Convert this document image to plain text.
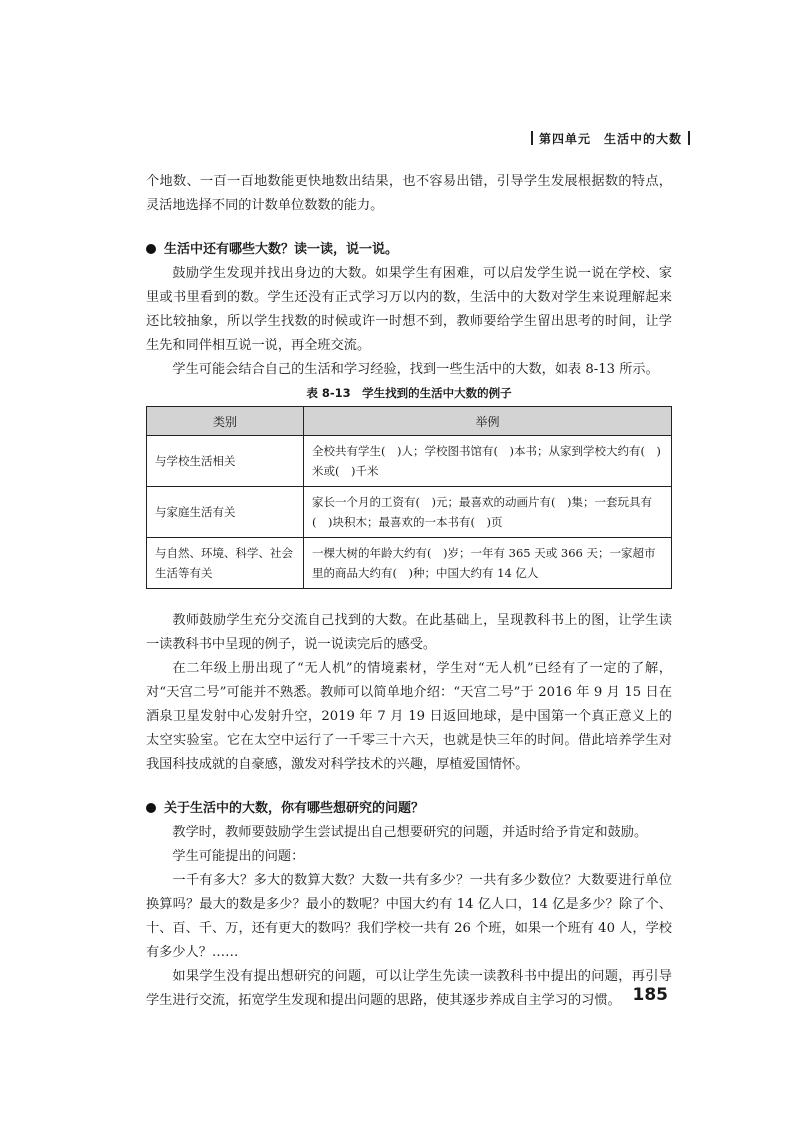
第四单元　 生活中的大数

个地数、一百一百地数能更快地数出结果，也不容易出错，引导学生发展根据数的特点，灵活地选择不同的计数单位数数的能力。

生活中还有哪些大数？读一读，说一说。

鼓励学生发现并找出身边的大数。如果学生有困难，可以启发学生说一说在学校、家里或书里看到的数。学生还没有正式学习万以内的数，生活中的大数对学生来说理解起来还比较抽象，所以学生找数的时候或许一时想不到，教师要给学生留出思考的时间，让学生先和同伴相互说一说，再全班交流。

学生可能会结合自己的生活和学习经验，找到一些生活中的大数，如表 8-13 所示。

表 8-13　学生找到的生活中大数的例子
类别	举例
与学校生活相关	全校共有学生(　)人；学校图书馆有(　)本书；从家到学校大约有(　)米或(　)千米
与家庭生活有关	家长一个月的工资有(　)元；最喜欢的动画片有(　)集；一套玩具有(　)块积木；最喜欢的一本书有(　)页
与自然、环境、科学、社会生活等有关	一棵大树的年龄大约有(　)岁；一年有 365 天或 366 天；一家超市里的商品大约有(　)种；中国大约有 14 亿人

教师鼓励学生充分交流自己找到的大数。在此基础上，呈现教科书上的图，让学生读一读教科书中呈现的例子，说一说读完后的感受。

在二年级上册出现了“无人机”的情境素材，学生对“无人机”已经有了一定的了解，对“天宫二号”可能并不熟悉。教师可以简单地介绍：“天宫二号”于 2016 年 9 月 15 日在酒泉卫星发射中心发射升空，2019 年 7 月 19 日返回地球，是中国第一个真正意义上的太空实验室。它在太空中运行了一千零三十六天，也就是快三年的时间。借此培养学生对我国科技成就的自豪感，激发对科学技术的兴趣，厚植爱国情怀。

关于生活中的大数，你有哪些想研究的问题？

教学时，教师要鼓励学生尝试提出自己想要研究的问题，并适时给予肯定和鼓励。

学生可能提出的问题：

一千有多大？多大的数算大数？大数一共有多少？一共有多少数位？大数要进行单位换算吗？最大的数是多少？最小的数呢？中国大约有 14 亿人口，14 亿是多少？除了个、十、百、千、万，还有更大的数吗？我们学校一共有 26 个班，如果一个班有 40 人，学校有多少人？……

如果学生没有提出想研究的问题，可以让学生先读一读教科书中提出的问题，再引导学生进行交流，拓宽学生发现和提出问题的思路，使其逐步养成自主学习的习惯。 185
